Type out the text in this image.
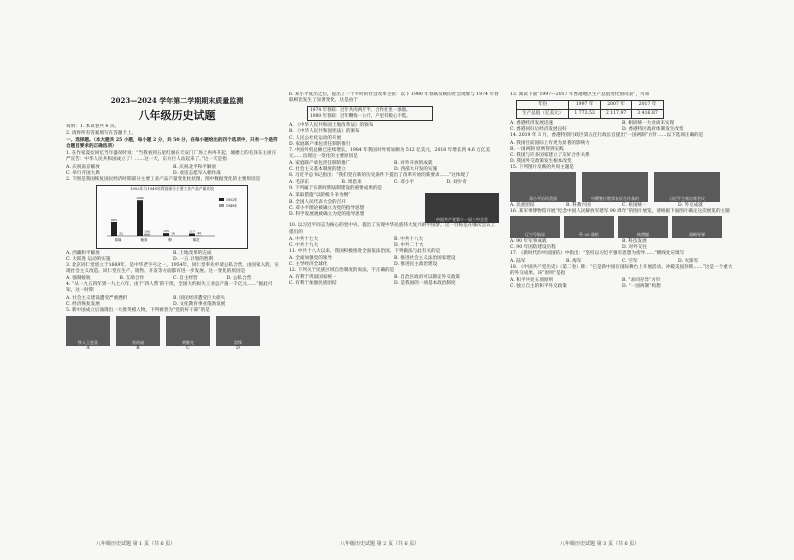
2023—2024 学年第二学期期末质量监测
八年级历史试题
说明：1. 本试卷共 6 页。
2. 请将所有答案填写在答题卡上。
一、选择题。（本大题共 25 小题，每小题 2 分，共 50 分，在每小题给出的四个选项中，只有一个是符合题目要求的正确选项）
1. 在作家夏衍回忆当年盛况时说：“当我看到五星红旗在天安门广场上冉冉升起，城楼上的毛泽东主席庄严宣告：中华人民共和国成立了！……这一天，东方巨人站起来了。”这一天是指
A. 庆祝南京解放	B. 庆祝北平和平解放
C. 举行开国大典	D. 欢送志愿军入朝作战
2. 下图是我国恢复国民经济时期部分主要工业产品产量变化柱状图，图中数据变化的主要原因是
1952年与1949年我国部分主要工业产品产量比较
665
32
原煤
1695
108
粮食
135
16
钢
117 44
棉花
1952年
1949年
A. 西藏和平解放	B. 土地改革的完成
C. 大跃进 运动的实施	D. 一五 计划的胜利
3. 北京同仁堂创立于1669年，是中华老字号之一。1954年，同仁堂率先申请公私合营，由国家入股，实现社会主义改造。同仁堂在生产、销售、开发等方面都有进一步发展。这一变化的原因是
A. 强制接收	B. 互助合作	C. 自主经营	D. 公私合营
4. “从一九五四年到一九七六年，由于‘四人帮’的干扰，全国大约损失工业总产值一千亿元……”据此可知，这一时期
A. 社会主义建设遭受严重挫折	B. 国民经济遭受巨大损失
C. 经济恢复发展	D. 文化教育事业蓬勃发展
5. 新中国成立后涌现出一大批英模人物。下列被誉为“党的好干部”的是
铁人王进喜
A
焦裕禄
B
黄继光
C
雷锋
D
八年级历史试题 第 1 页（共 6 页）
6. 邓小平复出之后，提出了一个平时的社会改革主张：以下 1980 年春联反映的社会现象与 1974 年春联相比发生了显著变化，这是由于
1974 年春联：过年共肉两斤半，合作社里一条烟。
1980 年春联：过年鞭炮一公斤，户里有粮心不慌。
A. 《中华人民共和国土地改革法》的颁布
B. 《中华人民共和国宪法》的颁布
C. 人民公社化运动的开展
D. 家庭联产承包责任制的推行
7. 中国外贸总额已连续增长。1984 年我国对外贸易额为 512 亿美元，2018 年增长到 4.6 万亿美元……出现这一变化的主要原因是
A. 家庭联产承包责任制的推广	B. 对外开放的成就
C. 社会主义基本制度的建立	D. 西部大开发的实施
8. 习近平总书记指出：“我们党在新的历史条件下提出了改革开放的新要求……”这体现了
A. 毛泽东	B. 周恩来	C. 邓小平	D. 刘少奇
9. 下列属于在新时期法制建设的重要成果的是
A. 采取措施“以阶级斗争为纲”
B. 全国人民代表大会的召开
C. 邓小平理论被确立为党的指导思想
D. 科学发展观被确立为党的指导思想
中国共产党第十一届三中全会
10. 以习近平同志为核心的党中央，提出了实现中华民族伟大复兴的中国梦。这一目标是在哪次会议上提出的
A. 中共十七大	B. 中共十八大
C. 中共十九大	D. 中共二十大
11. 中共十八大以来，我国积极推进全面依法治国。下列做法与此有关的是
A. 全面加强党的领导	B. 推进社会主义法治国家建设
C. 主导经济全球化	D. 推进民主政治建设
12. 下列关于民族区域自治制度的说法，不正确的是
A. 有利于巩固国家统一	B. 自治区政府可以制定外交政策
C. 有利于加强民族团结	D. 是我国的一项基本政治制度
八年级历史试题 第 2 页（共 6 页）
13. 阅读下面“1997—2017 年香港地区生产总值变化情况表”，可知
年份	1997 年	2007 年	2017 年
生产总值（亿美元）	1 773.53	2 117.97	3 416.87
A. 香港经济发展迅速	B. 相同统一大业尚未实现
C. 香港回归后经济发展良好	D. 香港特区政府体制发生改变
14. 2019 年 3 月，香港特别行政区第五任行政长官提出“一国两制”方针……以下选项正确的是
A. 我国目前国际上有更为显著的影响力
B. 一国两制 原则得到实践
C. 我国与许多国家建立了友好合作关系
D. 我国外交政策发生根本改变
15. 下列图片反映的共同主题是
邓小平访问美国	中俄签订睦邻友好合作条约	习近平主席出席会议
A. 民族团结	B. 科教兴国	C. 祖国统一	D. 外交成就
16. 某军事博物馆开展“纪念中国人民解放军建军 90 周年”的图片展览，请根据下面图片确定这次展览的主题
辽宁号航母	歼-20 战机	核潜艇	战略导弹
A. 90 年军事成就	B. 科技发展
C. 90 年国防建设历程	D. 对外交往
17. 《新时代的中国国防》中指出：“坚持以习近平强军思想为指导……”横线处应填写
A. 陆军	B. 海军	C. 空军	D. 火箭军
18. 《中国共产党历史》（第二卷）称：“它是新中国在国际舞台上开展活动、冲破美国封锁……”这是一个重大的外交成果。该“原则”是指
A. 和平共处五项原则	B. “求同存异”方针
C. 独立自主的和平外交政策	D. “一国两制”构想
八年级历史试题 第 3 页（共 6 页）
